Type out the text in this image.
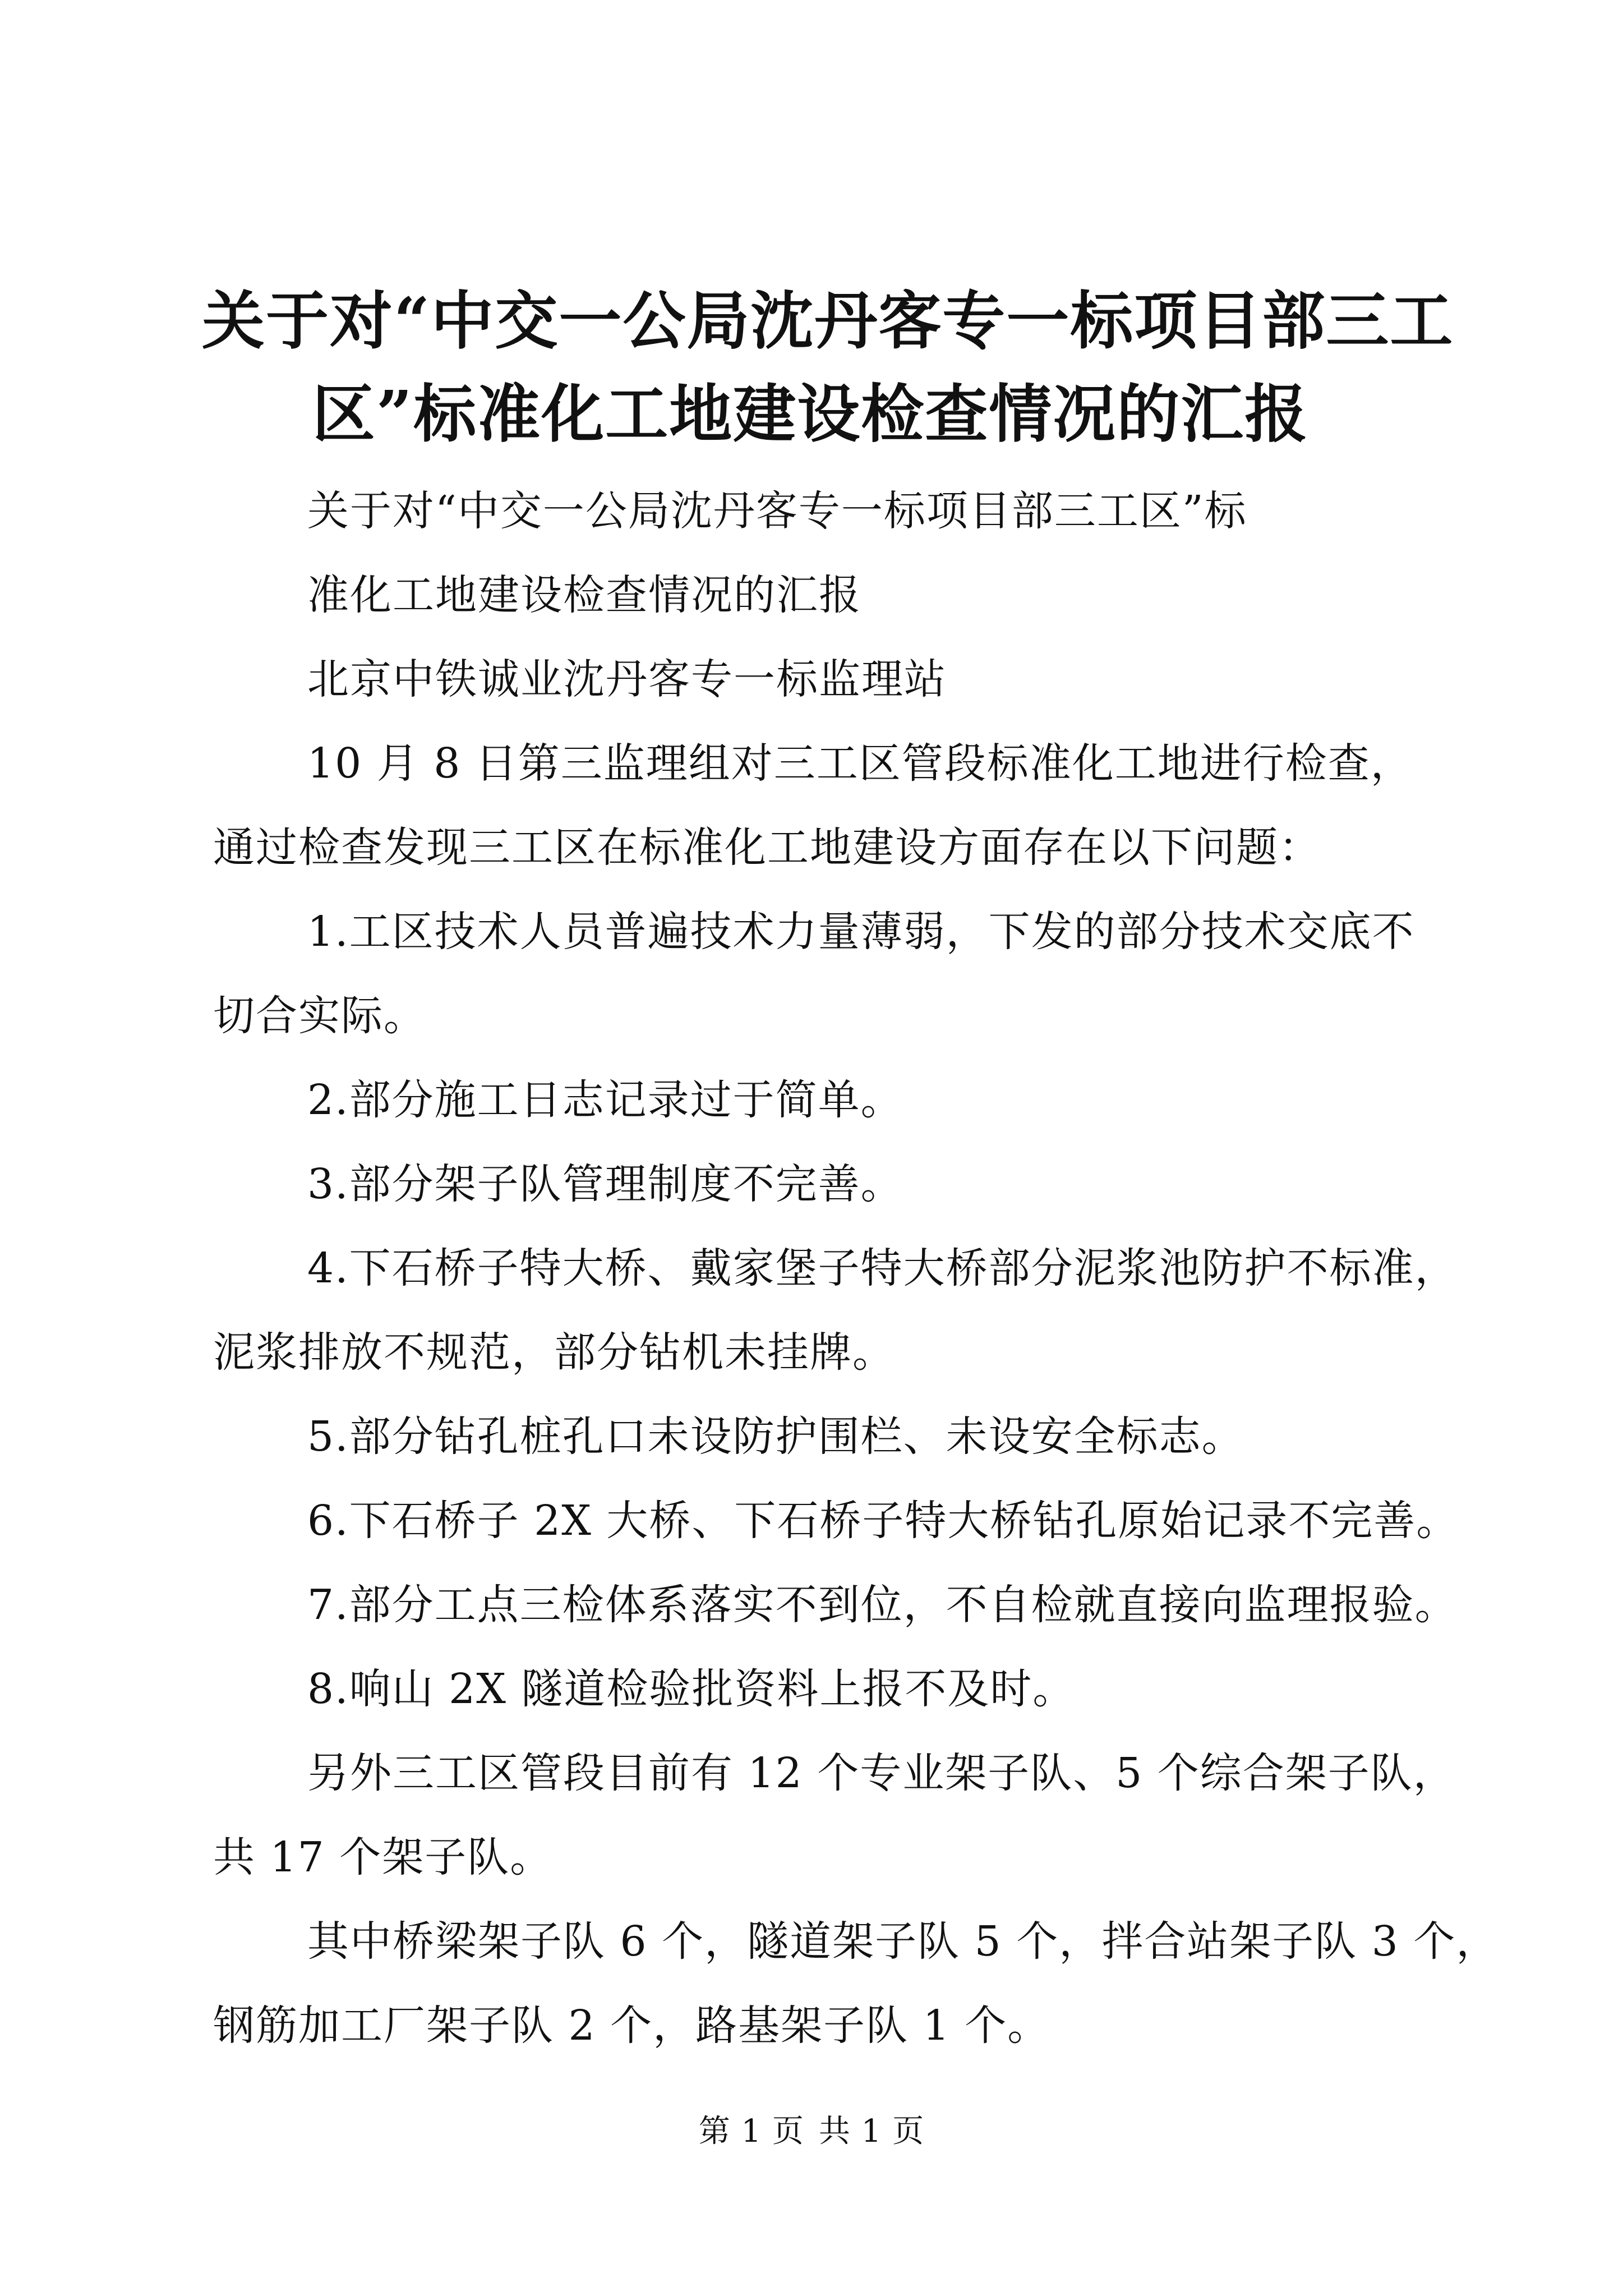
关于对“中交一公局沈丹客专一标项目部三工
区”标准化工地建设检查情况的汇报
关于对“中交一公局沈丹客专一标项目部三工区”标
准化工地建设检查情况的汇报
北京中铁诚业沈丹客专一标监理站
10 月 8 日第三监理组对三工区管段标准化工地进行检查，
通过检查发现三工区在标准化工地建设方面存在以下问题：
1.工区技术人员普遍技术力量薄弱，下发的部分技术交底不
切合实际。
2.部分施工日志记录过于简单。
3.部分架子队管理制度不完善。
4.下石桥子特大桥、戴家堡子特大桥部分泥浆池防护不标准，
泥浆排放不规范，部分钻机未挂牌。
5.部分钻孔桩孔口未设防护围栏、未设安全标志。
6.下石桥子 2X 大桥、下石桥子特大桥钻孔原始记录不完善。
7.部分工点三检体系落实不到位，不自检就直接向监理报验。
8.响山 2X 隧道检验批资料上报不及时。
另外三工区管段目前有 12 个专业架子队、5 个综合架子队，
共 17 个架子队。
其中桥梁架子队 6 个，隧道架子队 5 个，拌合站架子队 3 个，
钢筋加工厂架子队 2 个，路基架子队 1 个。
第 1 页 共 1 页
